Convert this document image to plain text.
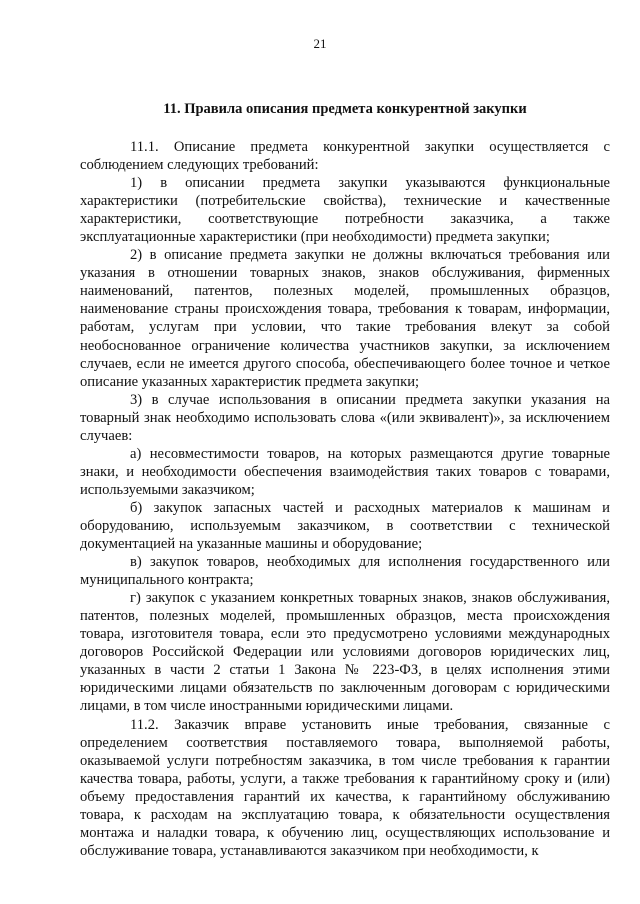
21
11. Правила описания предмета конкурентной закупки

11.1. Описание предмета конкурентной закупки осуществляется с соблюдением следующих требований:

1) в описании предмета закупки указываются функциональные характеристики (потребительские свойства), технические и качественные характеристики, соответствующие потребности заказчика, а также эксплуатационные характеристики (при необходимости) предмета закупки;

2) в описание предмета закупки не должны включаться требования или указания в отношении товарных знаков, знаков обслуживания, фирменных наименований, патентов, полезных моделей, промышленных образцов, наименование страны происхождения товара, требования к товарам, информации, работам, услугам при условии, что такие требования влекут за собой необоснованное ограничение количества участников закупки, за исключением случаев, если не имеется другого способа, обеспечивающего более точное и четкое описание указанных характеристик предмета закупки;

3) в случае использования в описании предмета закупки указания на товарный знак необходимо использовать слова «(или эквивалент)», за исключением случаев:

а) несовместимости товаров, на которых размещаются другие товарные знаки, и необходимости обеспечения взаимодействия таких товаров с товарами, используемыми заказчиком;

б) закупок запасных частей и расходных материалов к машинам и оборудованию, используемым заказчиком, в соответствии с технической документацией на указанные машины и оборудование;

в) закупок товаров, необходимых для исполнения государственного или муниципального контракта;

г) закупок с указанием конкретных товарных знаков, знаков обслуживания, патентов, полезных моделей, промышленных образцов, места происхождения товара, изготовителя товара, если это предусмотрено условиями международных договоров Российской Федерации или условиями договоров юридических лиц, указанных в части 2 статьи 1 Закона № 223-ФЗ, в целях исполнения этими юридическими лицами обязательств по заключенным договорам с юридическими лицами, в том числе иностранными юридическими лицами.

11.2. Заказчик вправе установить иные требования, связанные с определением соответствия поставляемого товара, выполняемой работы, оказываемой услуги потребностям заказчика, в том числе требования к гарантии качества товара, работы, услуги, а также требования к гарантийному сроку и (или) объему предоставления гарантий их качества, к гарантийному обслуживанию товара, к расходам на эксплуатацию товара, к обязательности осуществления монтажа и наладки товара, к обучению лиц, осуществляющих использование и обслуживание товара, устанавливаются заказчиком при необходимости, к
